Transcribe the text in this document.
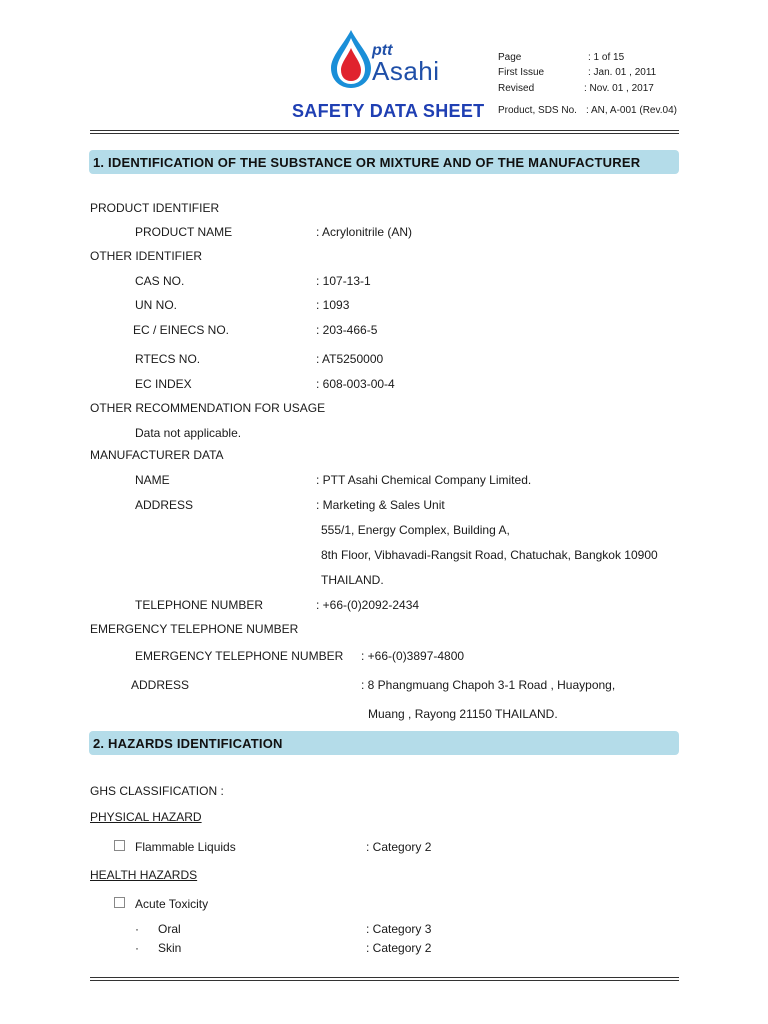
ptt
Asahi
SAFETY DATA SHEET
Page	: 1 of 15
First Issue	: Jan. 01 , 2011
Revised	: Nov. 01 , 2017
Product, SDS No. : AN, A-001 (Rev.04)
1. IDENTIFICATION OF THE SUBSTANCE OR MIXTURE AND OF THE MANUFACTURER
PRODUCT IDENTIFIER
PRODUCT NAME	: Acrylonitrile (AN)
OTHER IDENTIFIER
CAS NO.	: 107-13-1
UN NO.	: 1093
EC / EINECS NO.	: 203-466-5
RTECS NO.	: AT5250000
EC INDEX	: 608-003-00-4
OTHER RECOMMENDATION FOR USAGE
Data not applicable.
MANUFACTURER DATA
NAME	: PTT Asahi Chemical Company Limited.
ADDRESS	: Marketing & Sales Unit
555/1, Energy Complex, Building A,
8th Floor, Vibhavadi-Rangsit Road, Chatuchak, Bangkok 10900
THAILAND.
TELEPHONE NUMBER	: +66-(0)2092-2434
EMERGENCY TELEPHONE NUMBER
EMERGENCY TELEPHONE NUMBER : +66-(0)3897-4800
ADDRESS	: 8 Phangmuang Chapoh 3-1 Road , Huaypong,
Muang , Rayong 21150 THAILAND.
2. HAZARDS IDENTIFICATION
GHS CLASSIFICATION :
PHYSICAL HAZARD
Flammable Liquids	: Category 2
HEALTH HAZARDS
Acute Toxicity
· Oral	: Category 3
· Skin	: Category 2
